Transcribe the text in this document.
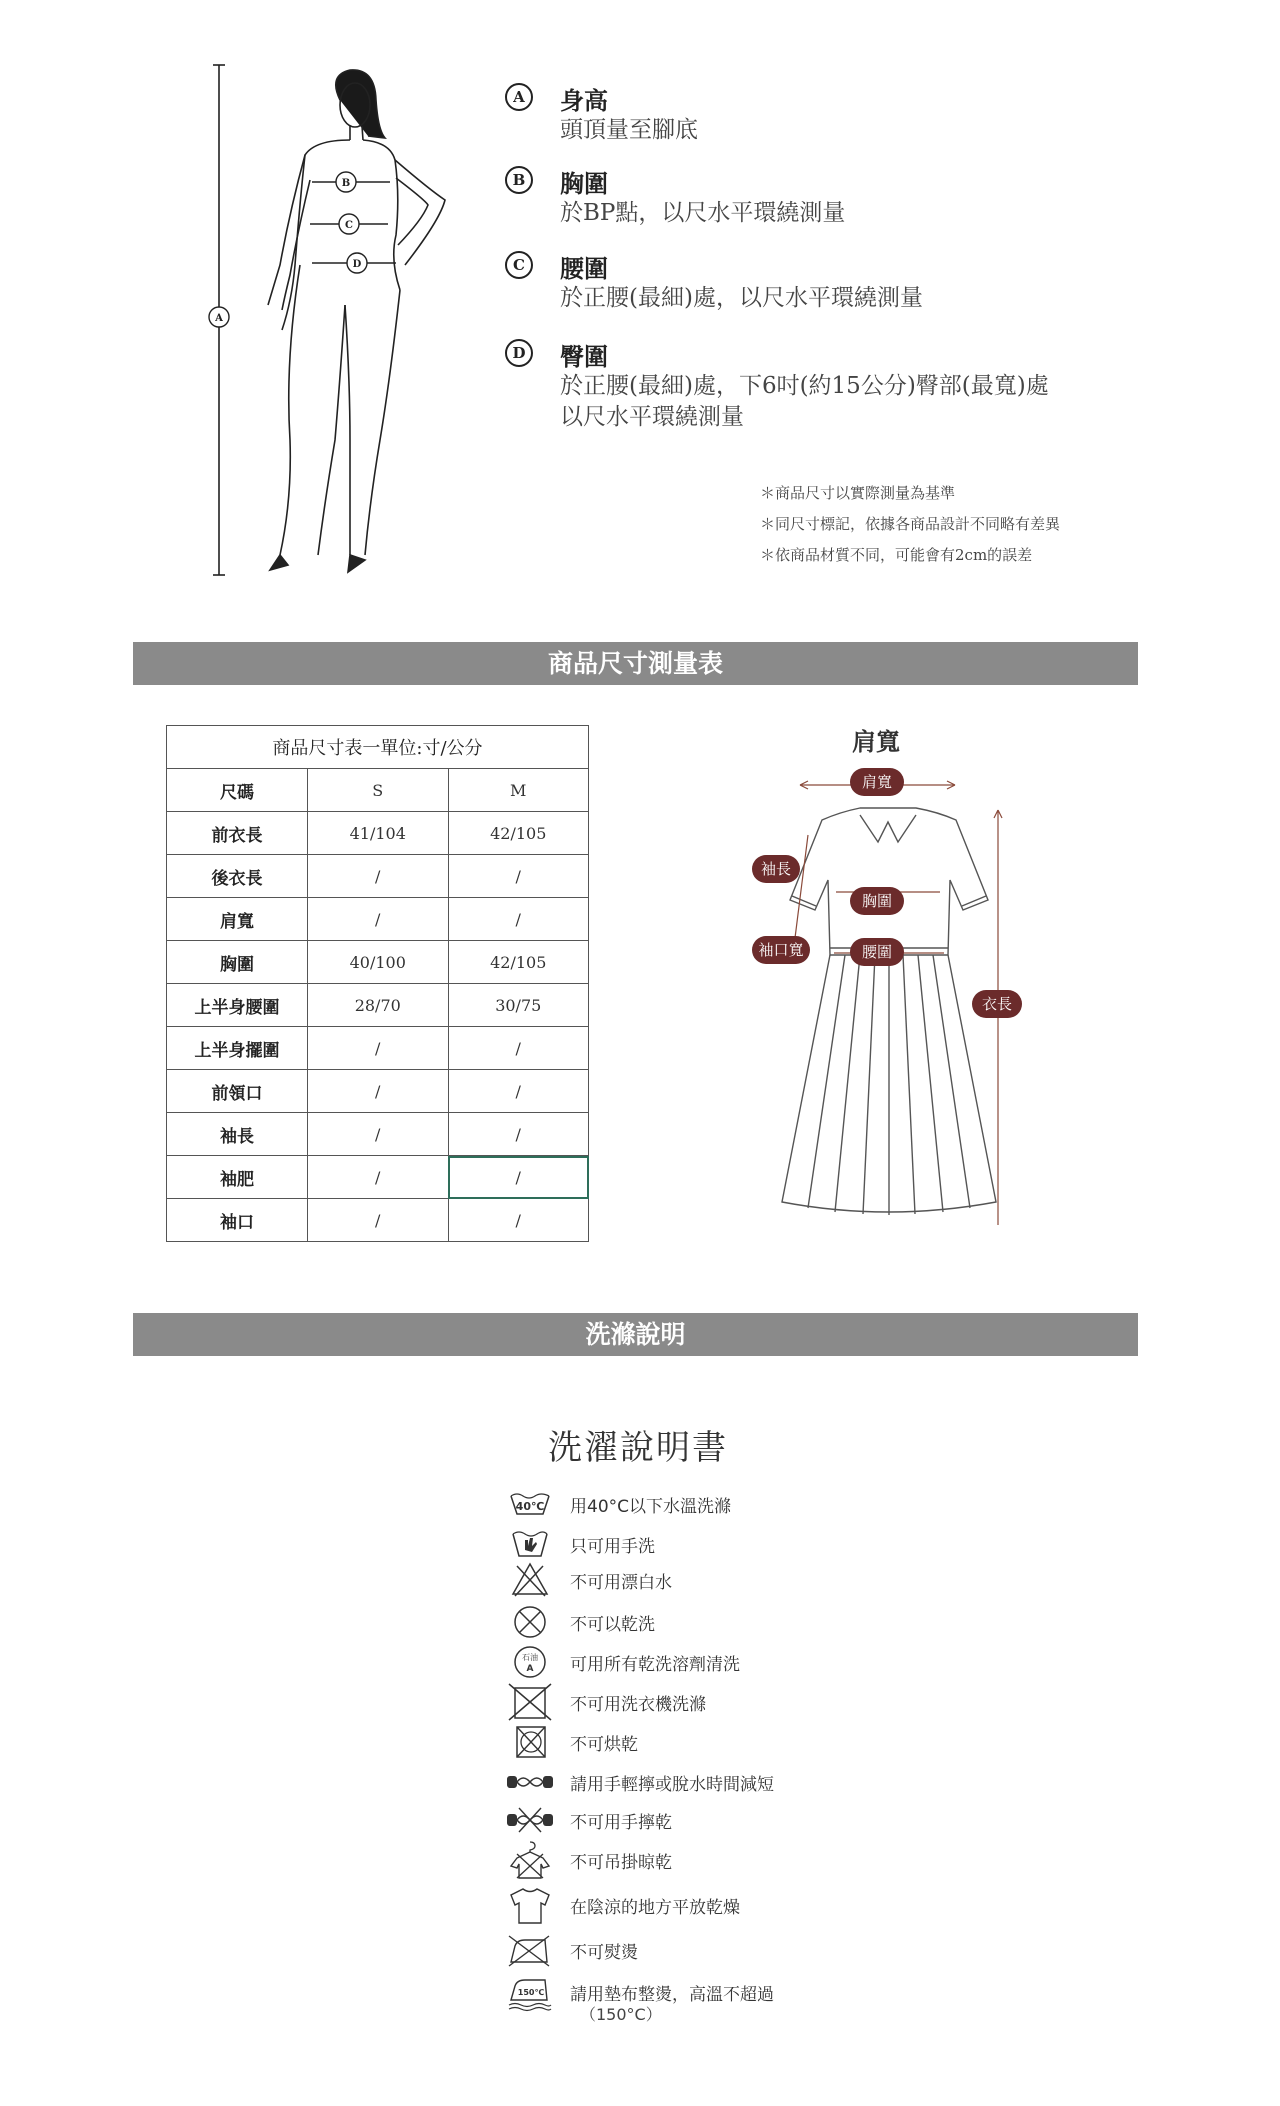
A
B
C
D
A	身高
頭頂量至腳底
B	胸圍
於BP點，以尺水平環繞測量
C	腰圍
於正腰(最細)處，以尺水平環繞測量
D	臀圍
於正腰(最細)處，下6吋(約15公分)臀部(最寬)處
以尺水平環繞測量
＊商品尺寸以實際測量為基準
＊同尺寸標記，依據各商品設計不同略有差異
＊依商品材質不同，可能會有2cm的誤差
商品尺寸測量表
商品尺寸表一單位:寸/公分		
尺碼	S	M
前衣長	41/104	42/105
後衣長	/	/
肩寬	/	/
胸圍	40/100	42/105
上半身腰圍	28/70	30/75
上半身擺圍	/	/
前領口	/	/
袖長	/	/
袖肥	/	/
袖口	/	/
肩寬
肩寬
袖長
胸圍
袖口寬	腰圍
衣長
洗滌說明
洗濯說明書
40℃ 用40°C以下水溫洗滌
只可用手洗
不可用漂白水
不可以乾洗
石油
A 可用所有乾洗溶劑清洗
不可用洗衣機洗滌
不可烘乾
請用手輕擰或脫水時間減短
不可用手擰乾
不可吊掛晾乾
在陰涼的地方平放乾燥
不可熨燙
150℃ 請用墊布整燙，高溫不超過
（150°C）
